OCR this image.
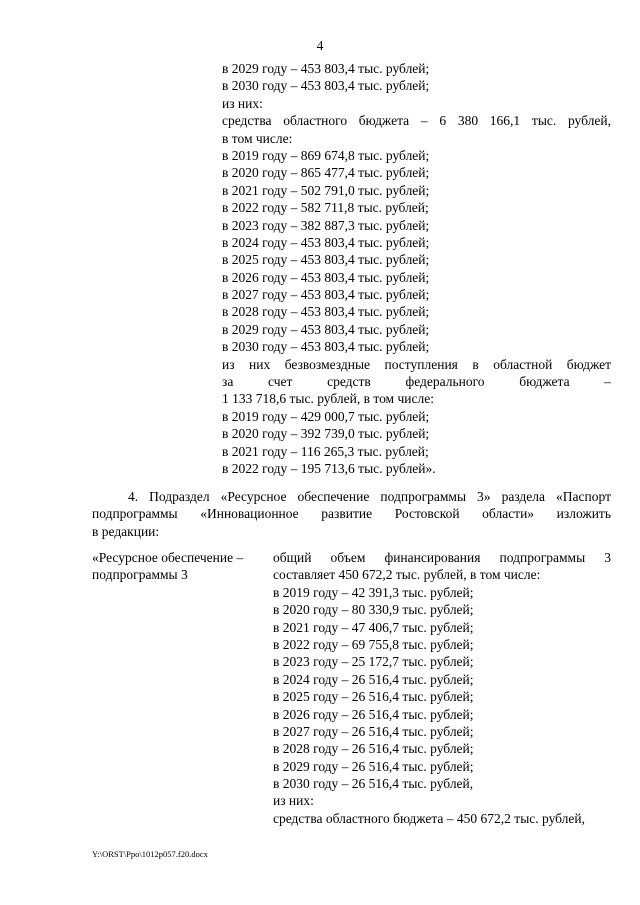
4
в 2029 году – 453 803,4 тыс. рублей;
в 2030 году – 453 803,4 тыс. рублей;
из них:
средства областного бюджета – 6 380 166,1 тыс. рублей,
в том числе:
в 2019 году – 869 674,8 тыс. рублей;
в 2020 году – 865 477,4 тыс. рублей;
в 2021 году – 502 791,0 тыс. рублей;
в 2022 году – 582 711,8 тыс. рублей;
в 2023 году – 382 887,3 тыс. рублей;
в 2024 году – 453 803,4 тыс. рублей;
в 2025 году – 453 803,4 тыс. рублей;
в 2026 году – 453 803,4 тыс. рублей;
в 2027 году – 453 803,4 тыс. рублей;
в 2028 году – 453 803,4 тыс. рублей;
в 2029 году – 453 803,4 тыс. рублей;
в 2030 году – 453 803,4 тыс. рублей;
из них безвозмездные поступления в областной бюджет
за счет средств федерального бюджета –
1 133 718,6 тыс. рублей, в том числе:
в 2019 году – 429 000,7 тыс. рублей;
в 2020 году – 392 739,0 тыс. рублей;
в 2021 году – 116 265,3 тыс. рублей;
в 2022 году – 195 713,6 тыс. рублей».
4. Подраздел «Ресурсное обеспечение подпрограммы 3» раздела «Паспорт
подпрограммы «Инновационное развитие Ростовской области» изложить
в редакции:
«Ресурсное обеспечение –
подпрограммы 3
общий объем финансирования подпрограммы 3
составляет 450 672,2 тыс. рублей, в том числе:
в 2019 году – 42 391,3 тыс. рублей;
в 2020 году – 80 330,9 тыс. рублей;
в 2021 году – 47 406,7 тыс. рублей;
в 2022 году – 69 755,8 тыс. рублей;
в 2023 году – 25 172,7 тыс. рублей;
в 2024 году – 26 516,4 тыс. рублей;
в 2025 году – 26 516,4 тыс. рублей;
в 2026 году – 26 516,4 тыс. рублей;
в 2027 году – 26 516,4 тыс. рублей;
в 2028 году – 26 516,4 тыс. рублей;
в 2029 году – 26 516,4 тыс. рублей;
в 2030 году – 26 516,4 тыс. рублей,
из них:
средства областного бюджета – 450 672,2 тыс. рублей,
Y:\ORST\Ppo\1012p057.f20.docx
